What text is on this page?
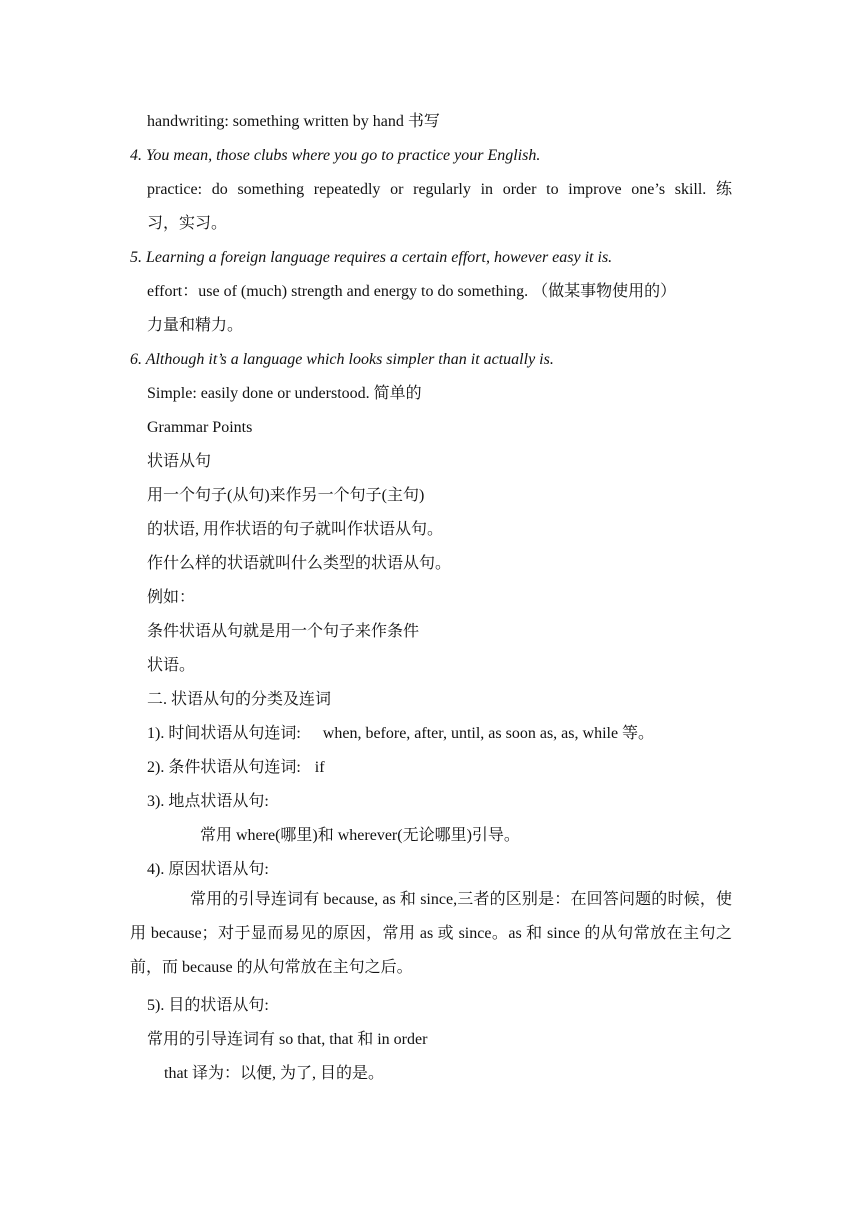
handwriting: something written by hand 书写
4. You mean, those clubs where you go to practice your English.
practice: do something repeatedly or regularly in order to improve one’s skill. 练
习，实习。
5. Learning a foreign language requires a certain effort, however easy it is.
effort：use of (much) strength and energy to do something. （做某事物使用的）
力量和精力。
6. Although it’s a language which looks simpler than it actually is.
Simple: easily done or understood. 简单的
Grammar Points
状语从句
用一个句子(从句)来作另一个句子(主句)
的状语, 用作状语的句子就叫作状语从句。
作什么样的状语就叫什么类型的状语从句。
例如：
条件状语从句就是用一个句子来作条件
状语。
二. 状语从句的分类及连词
1). 时间状语从句连词: when, before, after, until, as soon as, as, while 等。
2). 条件状语从句连词: if
3). 地点状语从句:
常用 where(哪里)和 wherever(无论哪里)引导。
4). 原因状语从句:
常用的引导连词有 because, as 和 since,三者的区别是：在回答问题的时候，使用 because；对于显而易见的原因，常用 as 或 since。as 和 since 的从句常放在主句之前，而 because 的从句常放在主句之后。
5). 目的状语从句:
常用的引导连词有 so that, that 和 in order
that 译为：以便, 为了, 目的是。
